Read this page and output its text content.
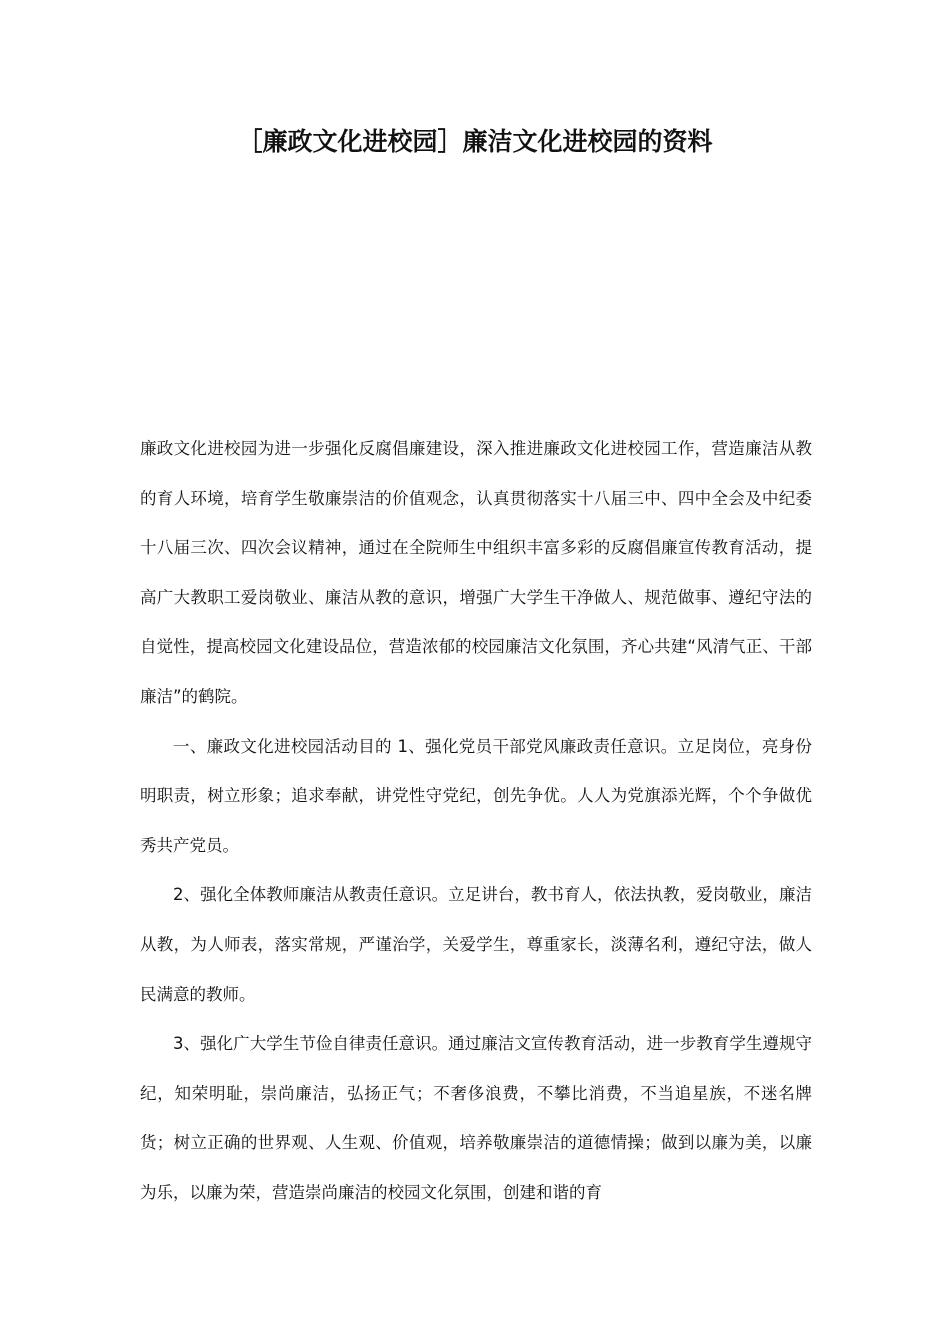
［廉政文化进校园］廉洁文化进校园的资料

廉政文化进校园为进一步强化反腐倡廉建设，深入推进廉政文化进校园工作，营造廉洁从教的育人环境，培育学生敬廉崇洁的价值观念，认真贯彻落实十八届三中、四中全会及中纪委十八届三次、四次会议精神，通过在全院师生中组织丰富多彩的反腐倡廉宣传教育活动，提高广大教职工爱岗敬业、廉洁从教的意识，增强广大学生干净做人、规范做事、遵纪守法的自觉性，提高校园文化建设品位，营造浓郁的校园廉洁文化氛围，齐心共建“风清气正、干部廉洁”的鹤院。

一、廉政文化进校园活动目的 1、强化党员干部党风廉政责任意识。立足岗位，亮身份明职责，树立形象；追求奉献，讲党性守党纪，创先争优。人人为党旗添光辉，个个争做优秀共产党员。

2、强化全体教师廉洁从教责任意识。立足讲台，教书育人，依法执教，爱岗敬业，廉洁从教，为人师表，落实常规，严谨治学，关爱学生，尊重家长，淡薄名利，遵纪守法，做人民满意的教师。

3、强化广大学生节俭自律责任意识。通过廉洁文宣传教育活动，进一步教育学生遵规守纪，知荣明耻，崇尚廉洁，弘扬正气；不奢侈浪费，不攀比消费，不当追星族，不迷名牌货；树立正确的世界观、人生观、价值观，培养敬廉崇洁的道德情操；做到以廉为美，以廉为乐，以廉为荣，营造崇尚廉洁的校园文化氛围，创建和谐的育
